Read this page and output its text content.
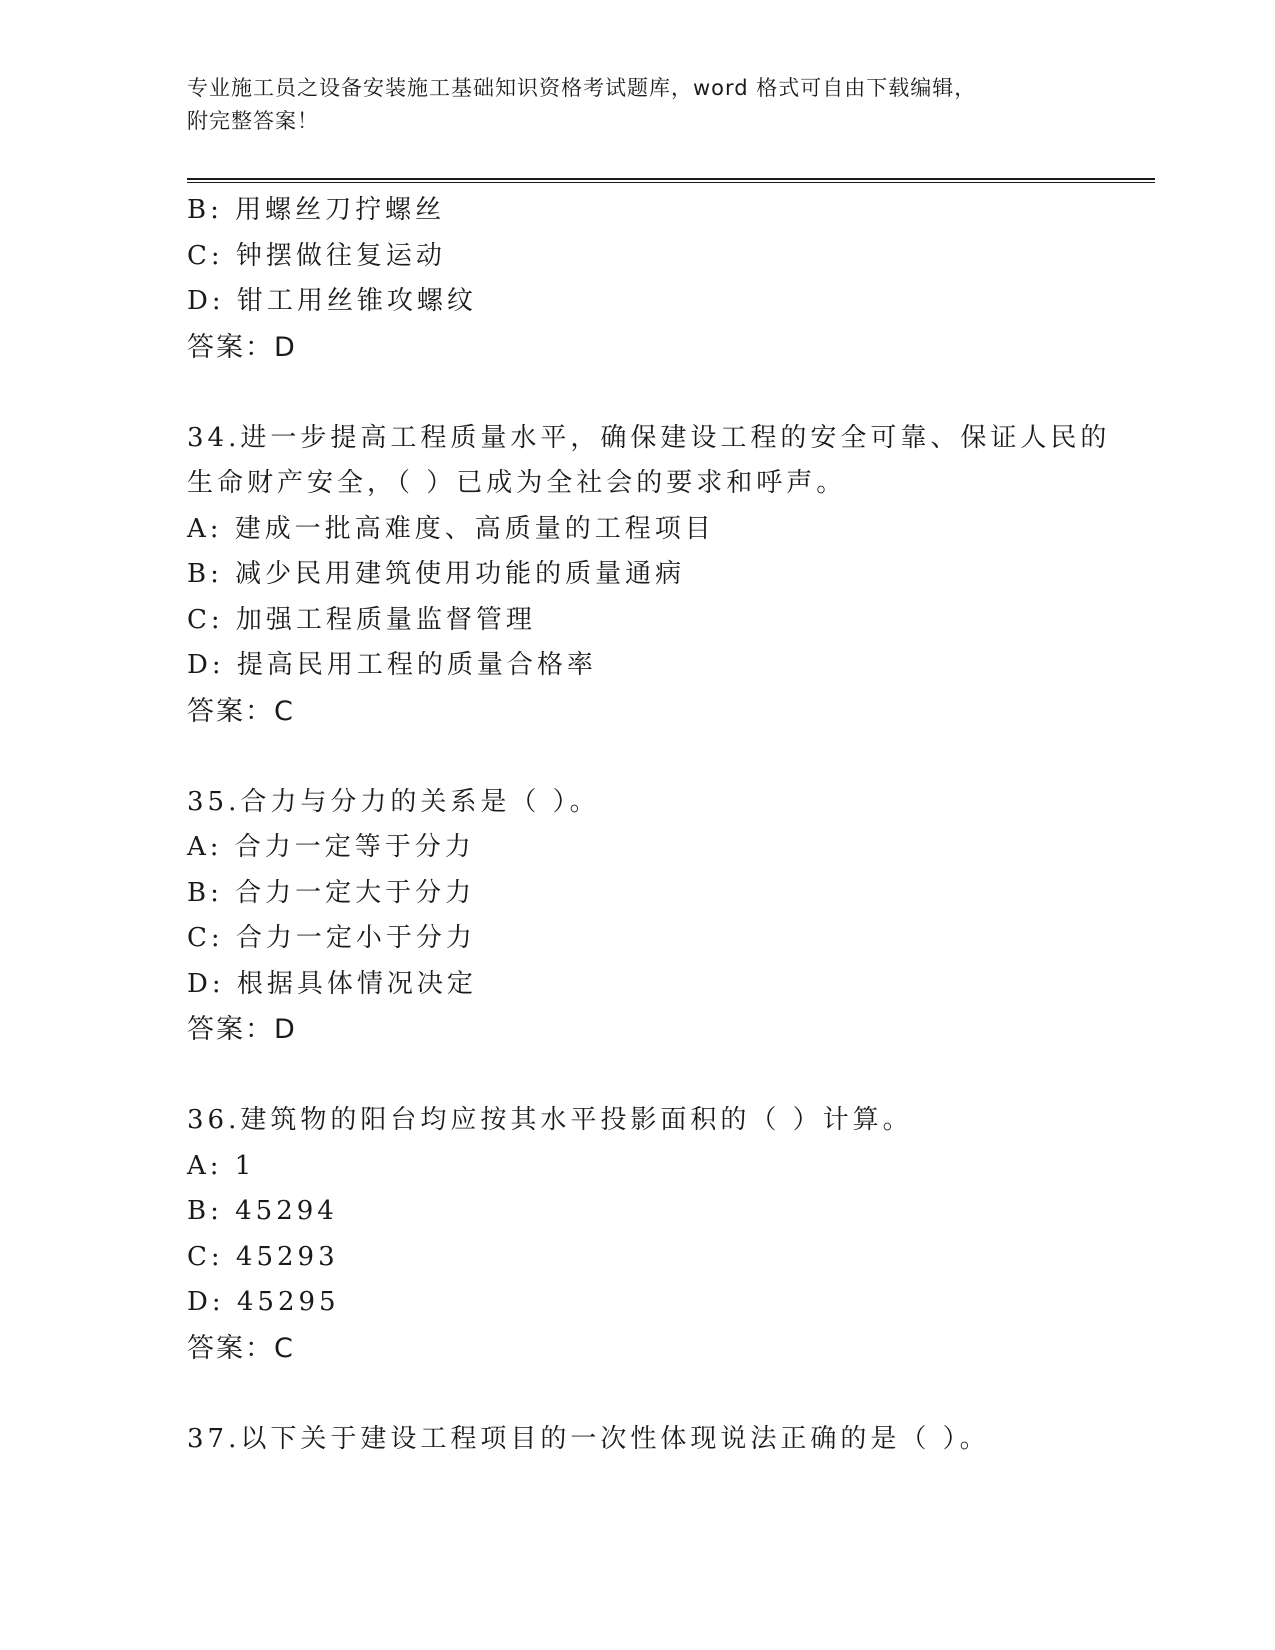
专业施工员之设备安装施工基础知识资格考试题库，word 格式可自由下载编辑，
附完整答案！
B: 用螺丝刀拧螺丝
C: 钟摆做往复运动
D: 钳工用丝锥攻螺纹
答案：D
34.进一步提高工程质量水平，确保建设工程的安全可靠、保证人民的
生命财产安全，（ ）已成为全社会的要求和呼声。
A: 建成一批高难度、高质量的工程项目
B: 减少民用建筑使用功能的质量通病
C: 加强工程质量监督管理
D: 提高民用工程的质量合格率
答案：C
35.合力与分力的关系是（ ）。
A: 合力一定等于分力
B: 合力一定大于分力
C: 合力一定小于分力
D: 根据具体情况决定
答案：D
36.建筑物的阳台均应按其水平投影面积的（ ）计算。
A: 1
B: 45294
C: 45293
D: 45295
答案：C
37.以下关于建设工程项目的一次性体现说法正确的是（ ）。
